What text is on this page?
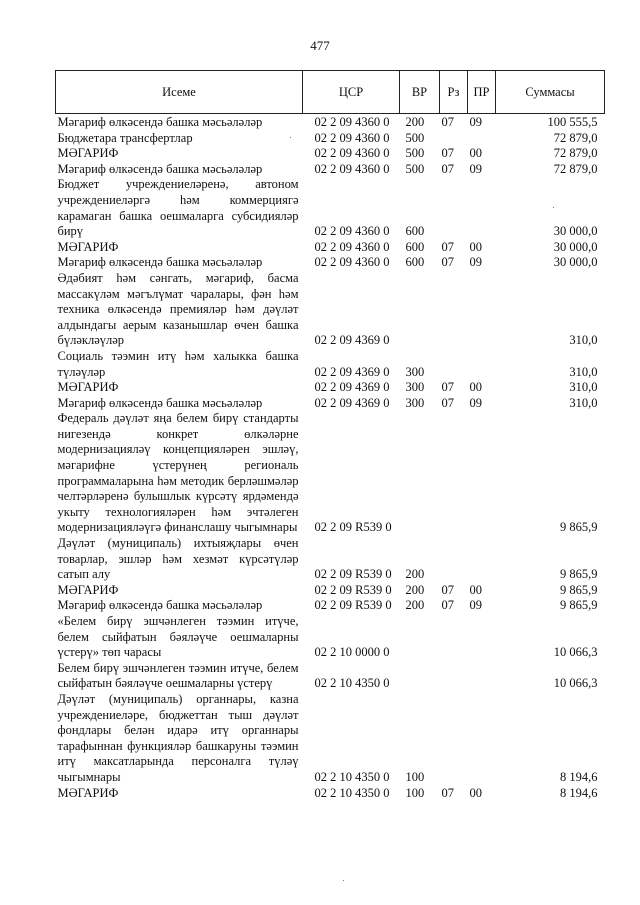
477
Исеме	ЦСР	ВР	Рз	ПР	Суммасы
Мәгариф өлкәсендә башка мәсьәләләр	02 2 09 4360 0	200	07	09	100 555,5
Бюджетара трансфертлар	02 2 09 4360 0	500			72 879,0
МӘГАРИФ	02 2 09 4360 0	500	07	00	72 879,0
Мәгариф өлкәсендә башка мәсьәләләр	02 2 09 4360 0	500	07	09	72 879,0
Бюджет учреждениеләренә, автоном учреждениеләргә һәм коммерциягә карамаган башка оешмаларга субсидияләр бирү	02 2 09 4360 0	600			30 000,0
МӘГАРИФ	02 2 09 4360 0	600	07	00	30 000,0
Мәгариф өлкәсендә башка мәсьәләләр	02 2 09 4360 0	600	07	09	30 000,0
Әдәбият һәм сәнгать, мәгариф, басма массакүләм мәгълүмат чаралары, фән һәм техника өлкәсендә премияләр һәм дәүләт алдындагы аерым казанышлар өчен башка бүләкләүләр	02 2 09 4369 0				310,0
Социаль тәэмин итү һәм халыкка башка түләүләр	02 2 09 4369 0	300			310,0
МӘГАРИФ	02 2 09 4369 0	300	07	00	310,0
Мәгариф өлкәсендә башка мәсьәләләр	02 2 09 4369 0	300	07	09	310,0
Федераль дәүләт яңа белем бирү стандарты нигезендә конкрет өлкәләрне модернизацияләү концепцияләрен эшләү, мәгарифне үстерүнең региональ программаларына һәм методик берләшмәләр челтәрләренә булышлык күрсәтү ярдәмендә укыту технологияләрен һәм эчтәлеген модернизацияләүгә финанслашу чыгымнары	02 2 09 R539 0				9 865,9
Дәүләт (муниципаль) ихтыяҗлары өчен товарлар, эшләр һәм хезмәт күрсәтүләр сатып алу	02 2 09 R539 0	200			9 865,9
МӘГАРИФ	02 2 09 R539 0	200	07	00	9 865,9
Мәгариф өлкәсендә башка мәсьәләләр	02 2 09 R539 0	200	07	09	9 865,9
«Белем бирү эшчәнлеген тәэмин итүче, белем сыйфатын бәяләүче оешмаларны үстерү» төп чарасы	02 2 10 0000 0				10 066,3
Белем бирү эшчәнлеген тәэмин итүче, белем сыйфатын бәяләүче оешмаларны үстерү	02 2 10 4350 0				10 066,3
Дәүләт (муниципаль) органнары, казна учреждениеләре, бюджеттан тыш дәүләт фондлары белән идарә итү органнары тарафыннан функцияләр башкаруны тәэмин итү максатларында персоналга түләү чыгымнары	02 2 10 4350 0	100			8 194,6
МӘГАРИФ	02 2 10 4350 0	100	07	00	8 194,6
